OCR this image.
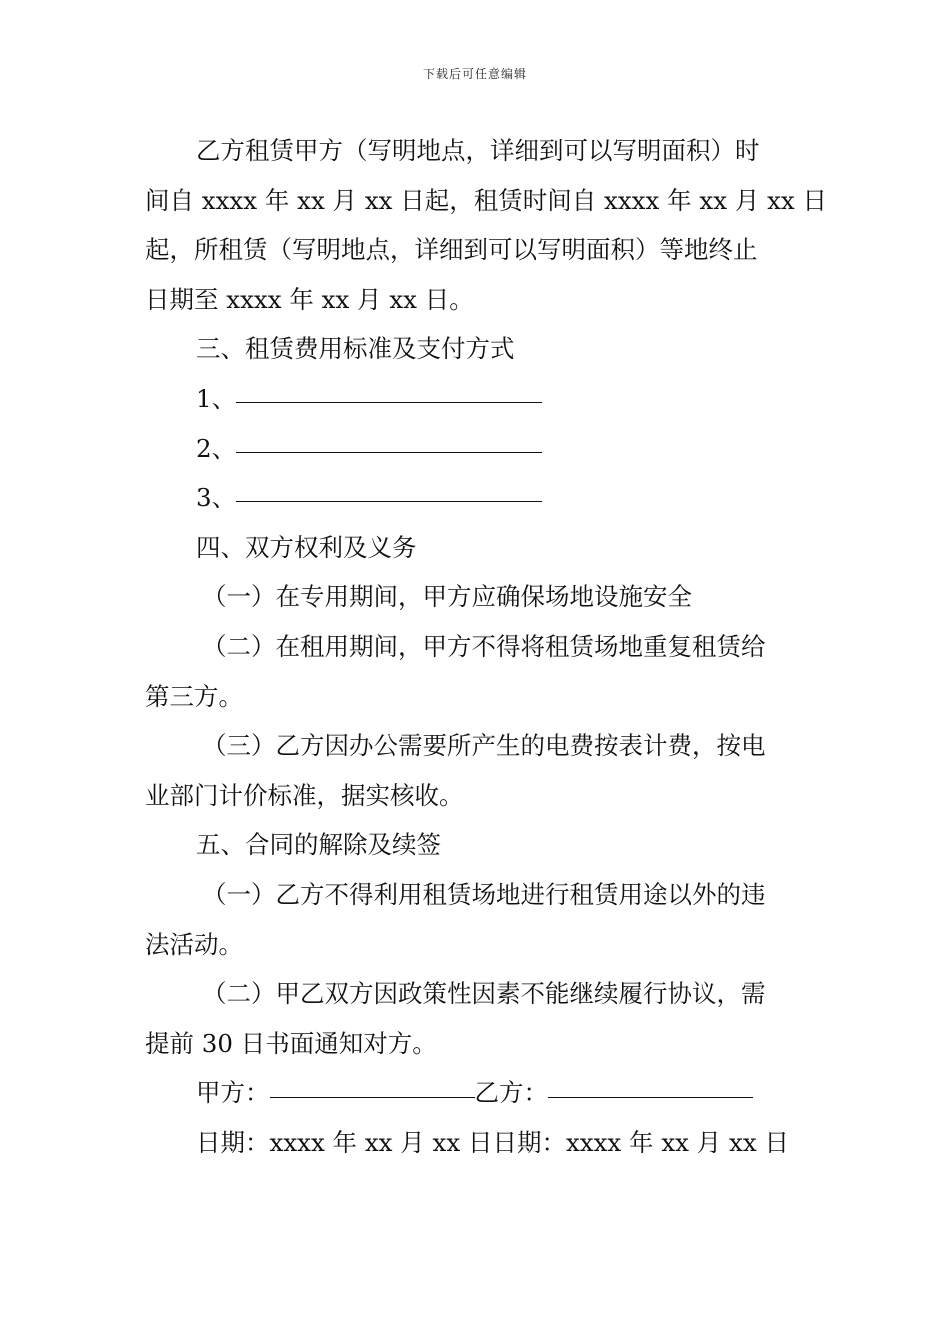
下载后可任意编辑

乙方租赁甲方（写明地点，详细到可以写明面积）时

间自 xxxx 年 xx 月 xx 日起，租赁时间自 xxxx 年 xx 月 xx 日

起，所租赁（写明地点，详细到可以写明面积）等地终止

日期至 xxxx 年 xx 月 xx 日。

三、租赁费用标准及支付方式

1、

2、

3、

四、双方权利及义务

（一）在专用期间，甲方应确保场地设施安全

（二）在租用期间，甲方不得将租赁场地重复租赁给

第三方。

（三）乙方因办公需要所产生的电费按表计费，按电

业部门计价标准，据实核收。

五、合同的解除及续签

（一）乙方不得利用租赁场地进行租赁用途以外的违

法活动。

（二）甲乙双方因政策性因素不能继续履行协议，需

提前 30 日书面通知对方。

甲方：	乙方：

日期：xxxx 年 xx 月 xx 日日期：xxxx 年 xx 月 xx 日
